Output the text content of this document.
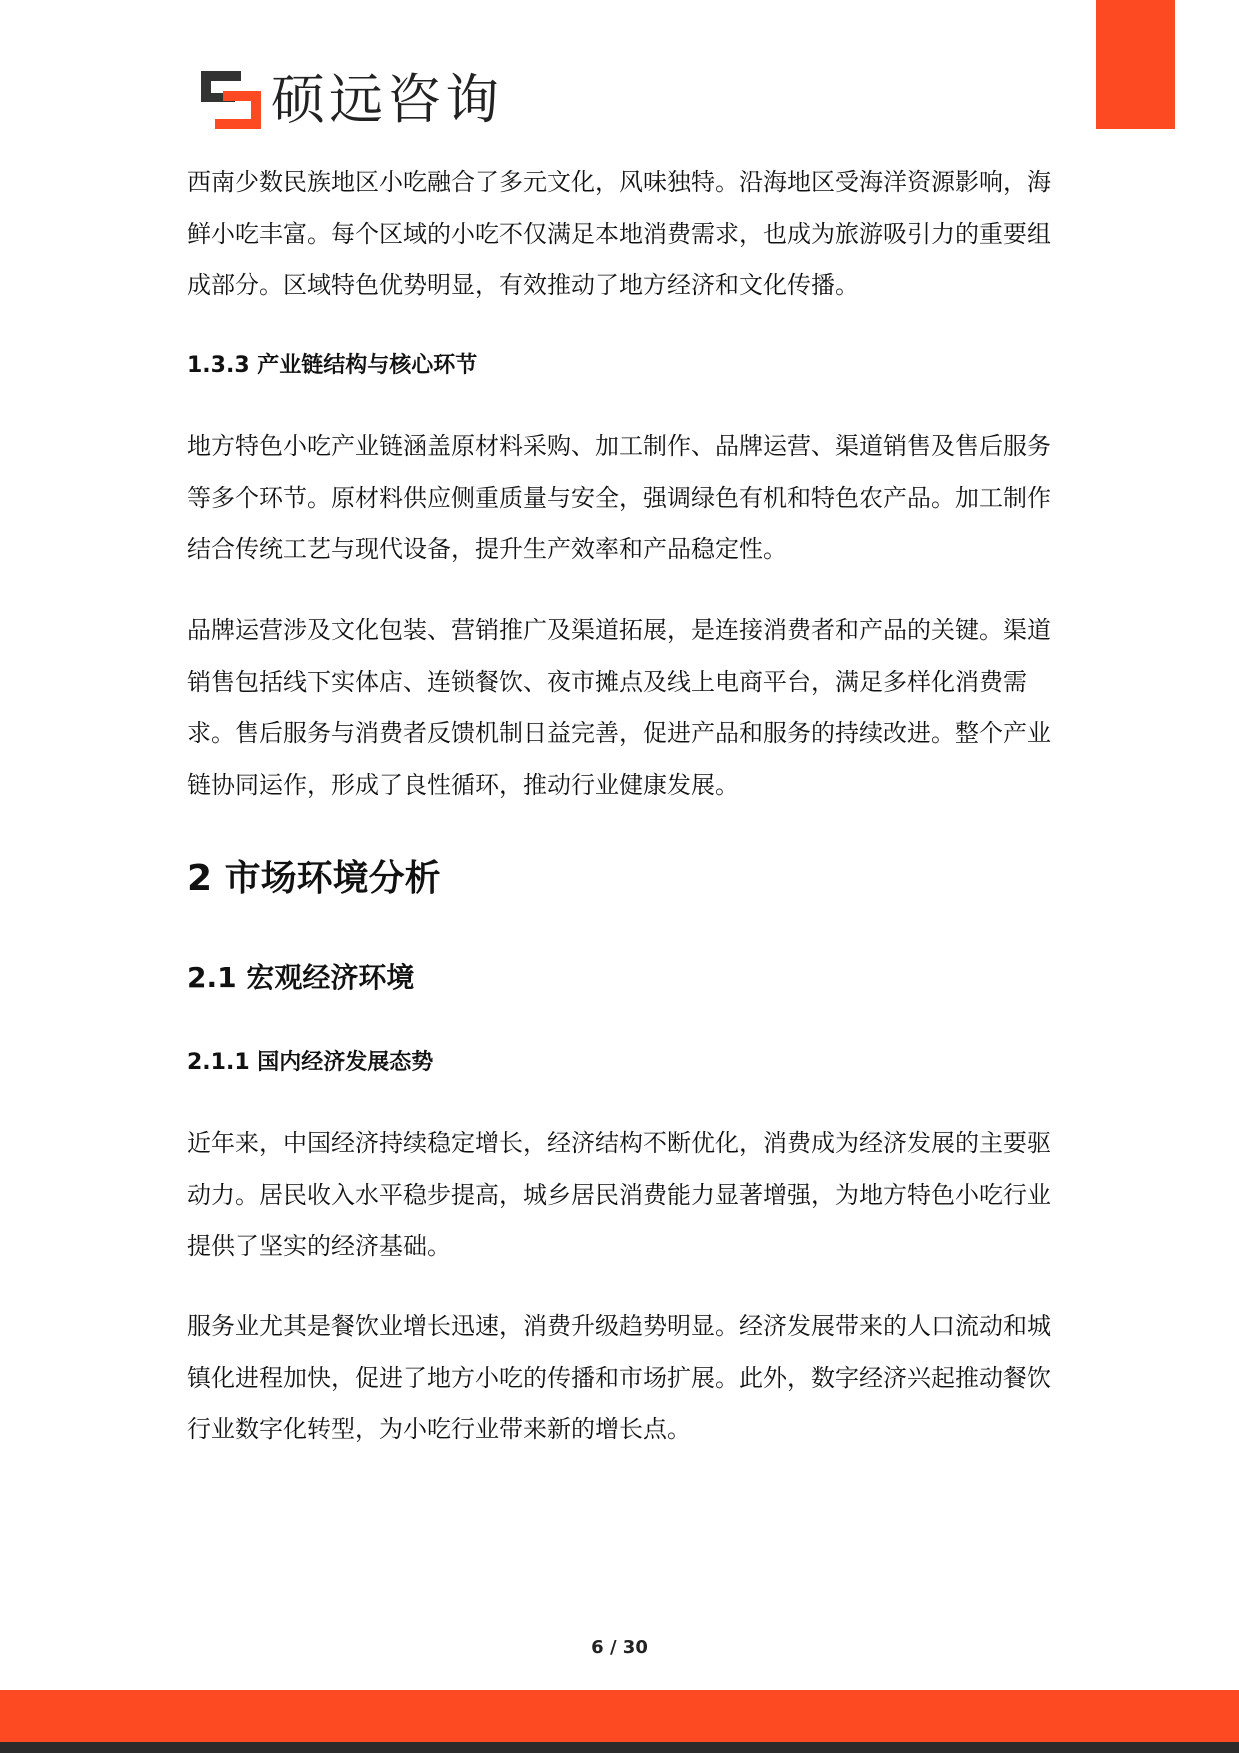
硕远咨询

西南少数民族地区小吃融合了多元文化，风味独特。沿海地区受海洋资源影响，海鲜小吃丰富。每个区域的小吃不仅满足本地消费需求，也成为旅游吸引力的重要组成部分。区域特色优势明显，有效推动了地方经济和文化传播。

1.3.3 产业链结构与核心环节

地方特色小吃产业链涵盖原材料采购、加工制作、品牌运营、渠道销售及售后服务等多个环节。原材料供应侧重质量与安全，强调绿色有机和特色农产品。加工制作结合传统工艺与现代设备，提升生产效率和产品稳定性。

品牌运营涉及文化包装、营销推广及渠道拓展，是连接消费者和产品的关键。渠道销售包括线下实体店、连锁餐饮、夜市摊点及线上电商平台，满足多样化消费需求。售后服务与消费者反馈机制日益完善，促进产品和服务的持续改进。整个产业链协同运作，形成了良性循环，推动行业健康发展。

2 市场环境分析
2.1 宏观经济环境
2.1.1 国内经济发展态势

近年来，中国经济持续稳定增长，经济结构不断优化，消费成为经济发展的主要驱动力。居民收入水平稳步提高，城乡居民消费能力显著增强，为地方特色小吃行业提供了坚实的经济基础。

服务业尤其是餐饮业增长迅速，消费升级趋势明显。经济发展带来的人口流动和城镇化进程加快，促进了地方小吃的传播和市场扩展。此外，数字经济兴起推动餐饮行业数字化转型，为小吃行业带来新的增长点。

6 / 30
